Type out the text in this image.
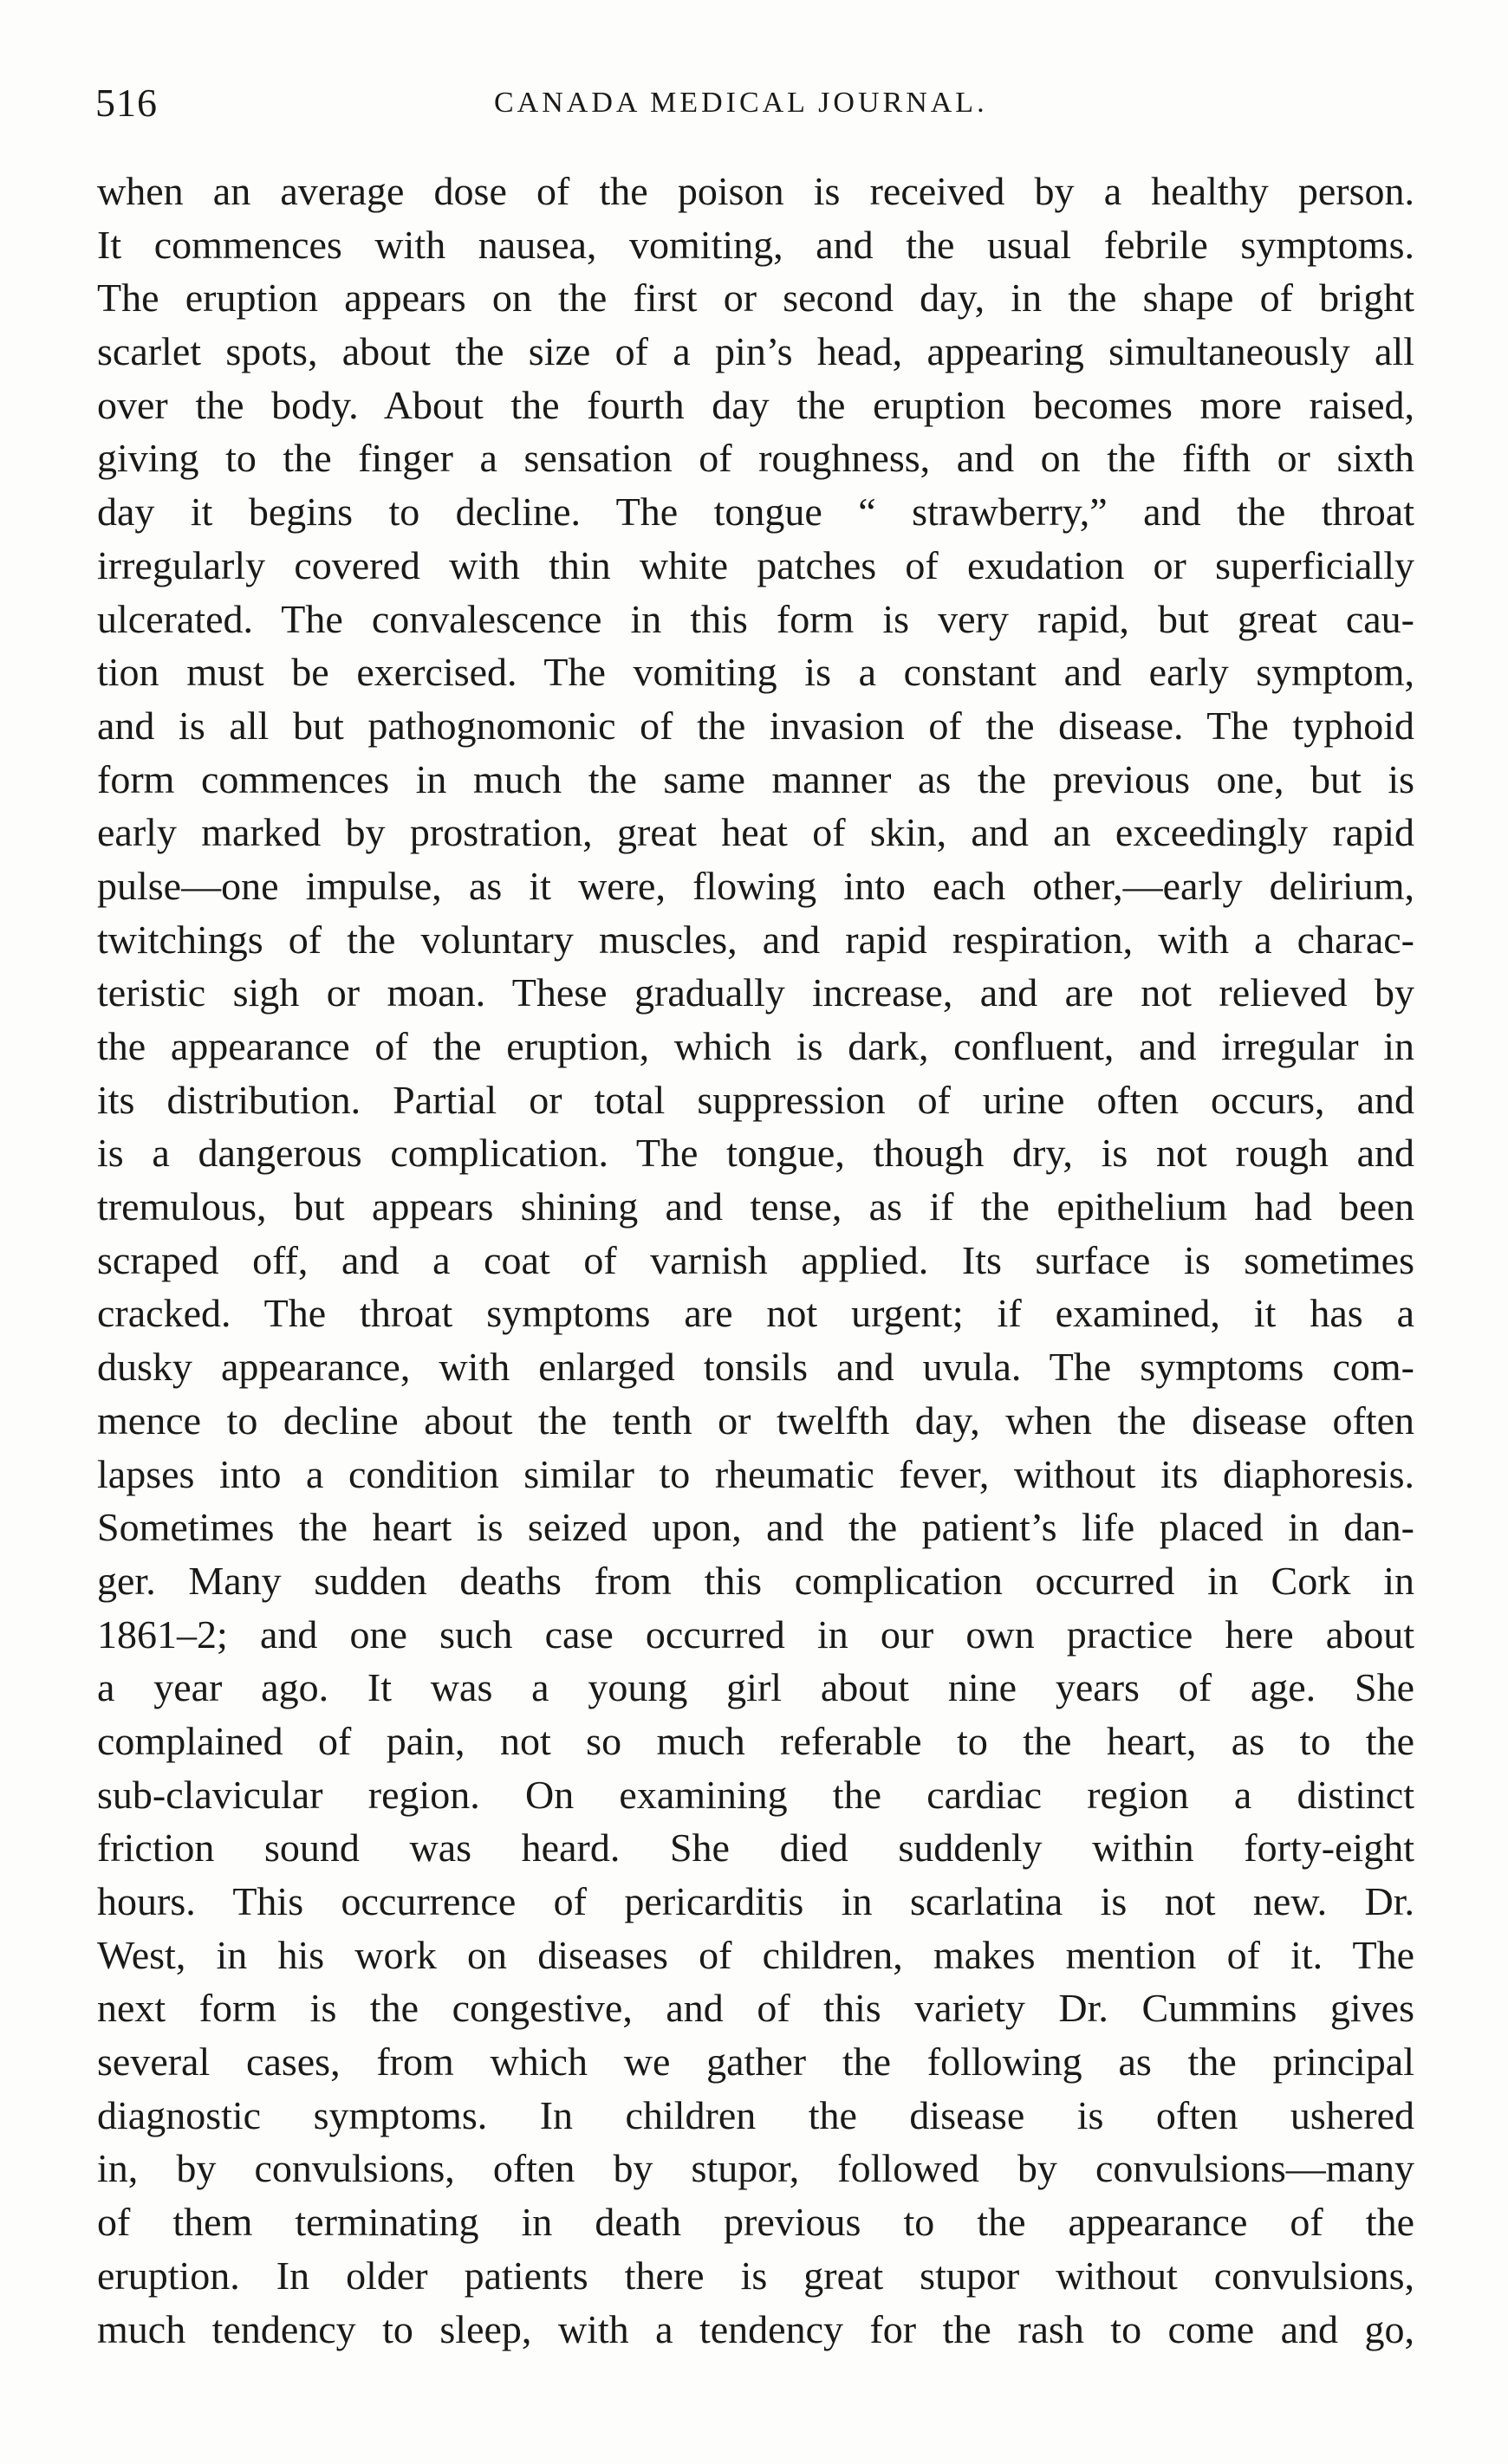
516	CANADA MEDICAL JOURNAL.
when an average dose of the poison is received by a healthy person.
It commences with nausea, vomiting, and the usual febrile symptoms.
The eruption appears on the first or second day, in the shape of bright
scarlet spots, about the size of a pin’s head, appearing simultaneously all
over the body. About the fourth day the eruption becomes more raised,
giving to the finger a sensation of roughness, and on the fifth or sixth
day it begins to decline. The tongue “ strawberry,” and the throat
irregularly covered with thin white patches of exudation or superficially
ulcerated. The convalescence in this form is very rapid, but great cau-
tion must be exercised. The vomiting is a constant and early symptom,
and is all but pathognomonic of the invasion of the disease. The typhoid
form commences in much the same manner as the previous one, but is
early marked by prostration, great heat of skin, and an exceedingly rapid
pulse—one impulse, as it were, flowing into each other,—early delirium,
twitchings of the voluntary muscles, and rapid respiration, with a charac-
teristic sigh or moan. These gradually increase, and are not relieved by
the appearance of the eruption, which is dark, confluent, and irregular in
its distribution. Partial or total suppression of urine often occurs, and
is a dangerous complication. The tongue, though dry, is not rough and
tremulous, but appears shining and tense, as if the epithelium had been
scraped off, and a coat of varnish applied. Its surface is sometimes
cracked. The throat symptoms are not urgent; if examined, it has a
dusky appearance, with enlarged tonsils and uvula. The symptoms com-
mence to decline about the tenth or twelfth day, when the disease often
lapses into a condition similar to rheumatic fever, without its diaphoresis.
Sometimes the heart is seized upon, and the patient’s life placed in dan-
ger. Many sudden deaths from this complication occurred in Cork in
1861–2; and one such case occurred in our own practice here about
a year ago. It was a young girl about nine years of age. She
complained of pain, not so much referable to the heart, as to the
sub-clavicular region. On examining the cardiac region a distinct
friction sound was heard. She died suddenly within forty-eight
hours. This occurrence of pericarditis in scarlatina is not new. Dr.
West, in his work on diseases of children, makes mention of it. The
next form is the congestive, and of this variety Dr. Cummins gives
several cases, from which we gather the following as the principal
diagnostic symptoms. In children the disease is often ushered
in, by convulsions, often by stupor, followed by convulsions—many
of them terminating in death previous to the appearance of the
eruption. In older patients there is great stupor without convulsions,
much tendency to sleep, with a tendency for the rash to come and go,
